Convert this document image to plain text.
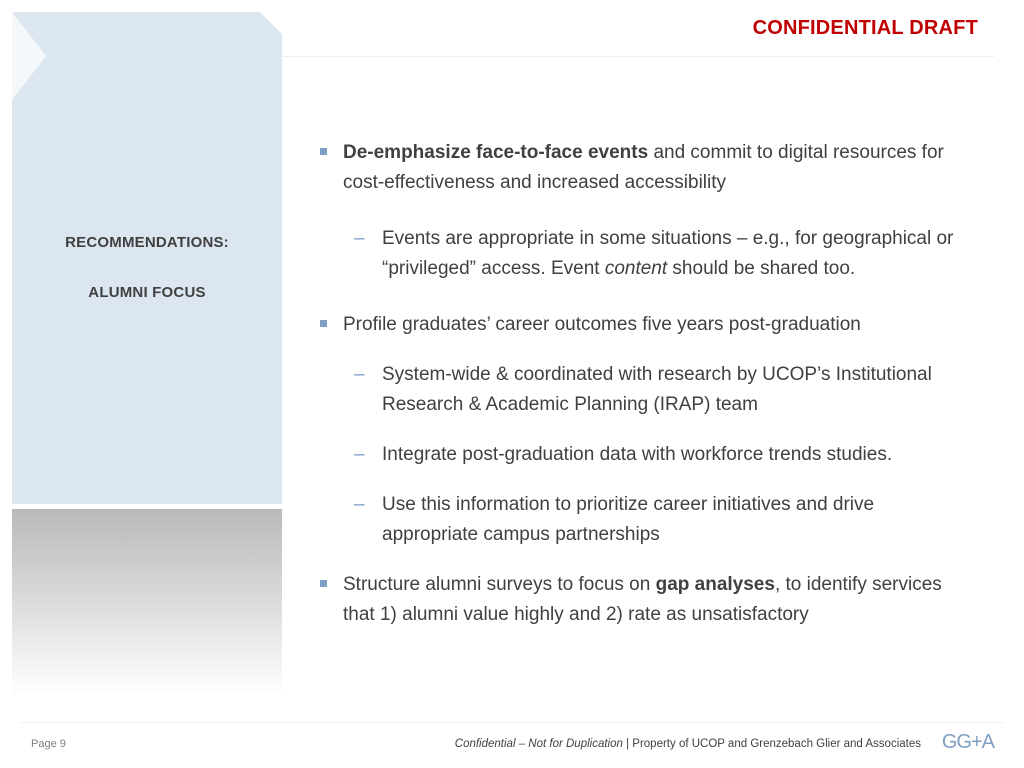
RECOMMENDATIONS:
ALUMNI FOCUS
CONFIDENTIAL DRAFT
De-emphasize face-to-face events and commit to digital resources for cost-effectiveness and increased accessibility
– Events are appropriate in some situations – e.g., for geographical or “privileged” access. Event content should be shared too.
Profile graduates’ career outcomes five years post-graduation
– System-wide & coordinated with research by UCOP’s Institutional Research & Academic Planning (IRAP) team
– Integrate post-graduation data with workforce trends studies.
– Use this information to prioritize career initiatives and drive appropriate campus partnerships
Structure alumni surveys to focus on gap analyses, to identify services that 1) alumni value highly and 2) rate as unsatisfactory
Page 9	Confidential – Not for Duplication | Property of UCOP and Grenzebach Glier and Associates GG+A
